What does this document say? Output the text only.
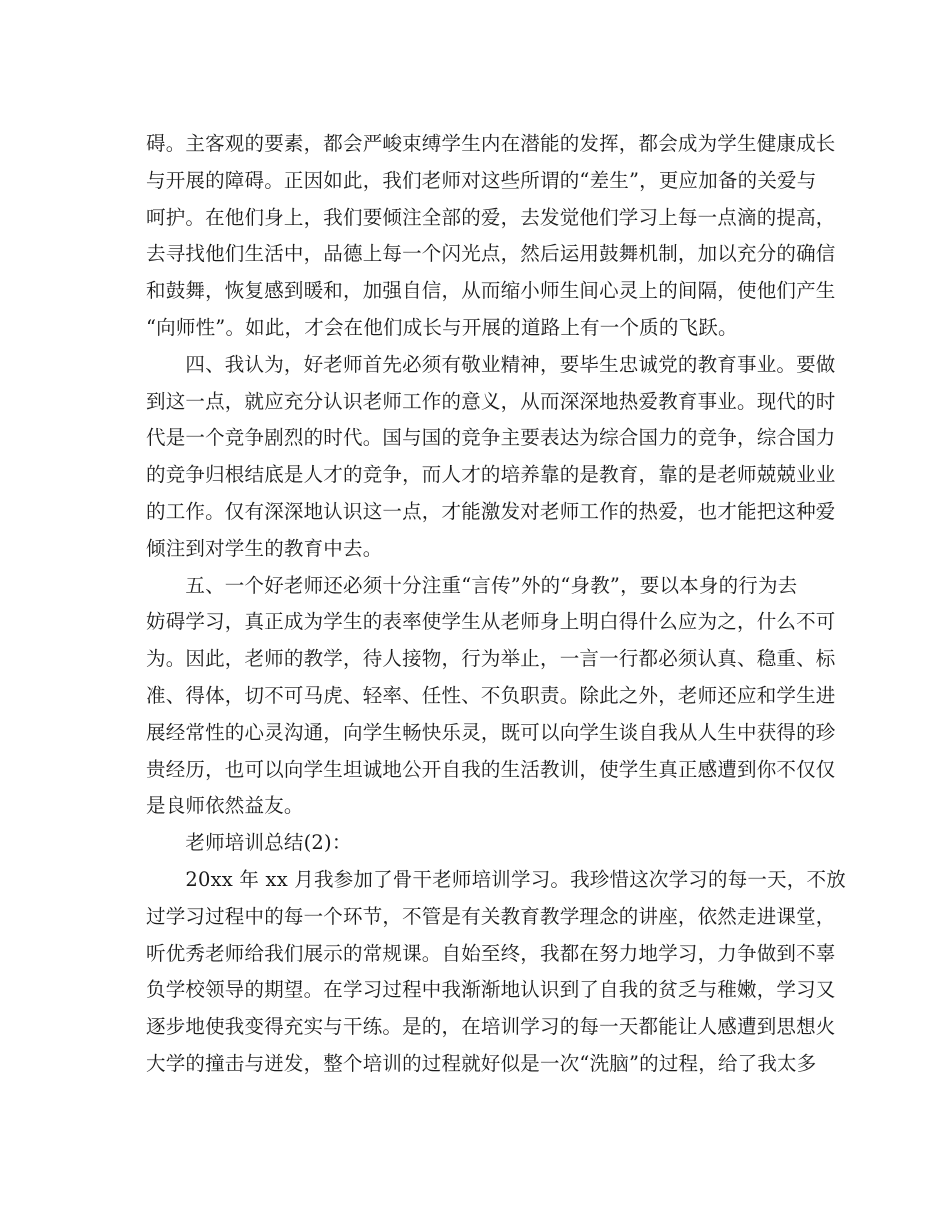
碍。主客观的要素，都会严峻束缚学生内在潜能的发挥，都会成为学生健康成长
与开展的障碍。正因如此，我们老师对这些所谓的“差生”，更应加备的关爱与
呵护。在他们身上，我们要倾注全部的爱，去发觉他们学习上每一点滴的提高，
去寻找他们生活中，品德上每一个闪光点，然后运用鼓舞机制，加以充分的确信
和鼓舞，恢复感到暖和，加强自信，从而缩小师生间心灵上的间隔，使他们产生
“向师性”。如此，才会在他们成长与开展的道路上有一个质的飞跃。
　　四、我认为，好老师首先必须有敬业精神，要毕生忠诚党的教育事业。要做
到这一点，就应充分认识老师工作的意义，从而深深地热爱教育事业。现代的时
代是一个竞争剧烈的时代。国与国的竞争主要表达为综合国力的竞争，综合国力
的竞争归根结底是人才的竞争，而人才的培养靠的是教育，靠的是老师兢兢业业
的工作。仅有深深地认识这一点，才能激发对老师工作的热爱，也才能把这种爱
倾注到对学生的教育中去。
　　五、一个好老师还必须十分注重“言传”外的“身教”，要以本身的行为去
妨碍学习，真正成为学生的表率使学生从老师身上明白得什么应为之，什么不可
为。因此，老师的教学，待人接物，行为举止，一言一行都必须认真、稳重、标
准、得体，切不可马虎、轻率、任性、不负职责。除此之外，老师还应和学生进
展经常性的心灵沟通，向学生畅快乐灵，既可以向学生谈自我从人生中获得的珍
贵经历，也可以向学生坦诚地公开自我的生活教训，使学生真正感遭到你不仅仅
是良师依然益友。
　　老师培训总结(2)：
　　20xx 年 xx 月我参加了骨干老师培训学习。我珍惜这次学习的每一天，不放
过学习过程中的每一个环节，不管是有关教育教学理念的讲座，依然走进课堂，
听优秀老师给我们展示的常规课。自始至终，我都在努力地学习，力争做到不辜
负学校领导的期望。在学习过程中我渐渐地认识到了自我的贫乏与稚嫩，学习又
逐步地使我变得充实与干练。是的，在培训学习的每一天都能让人感遭到思想火
大学的撞击与迸发，整个培训的过程就好似是一次“洗脑”的过程，给了我太多
